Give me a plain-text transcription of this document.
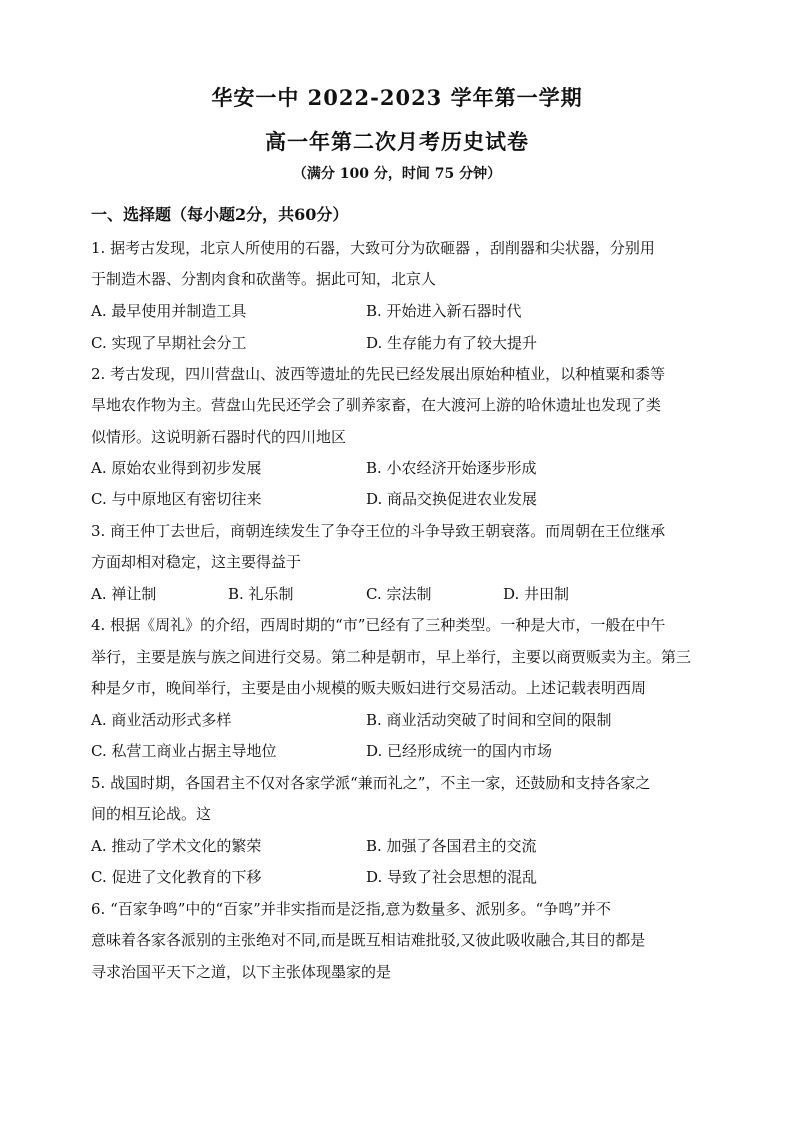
华安一中 2022-2023 学年第一学期
高一年第二次月考历史试卷
（满分 100 分，时间 75 分钟）
一、选择题（每小题2分，共60分）
1. 据考古发现，北京人所使用的石器，大致可分为砍砸器 ，刮削器和尖状器，分别用
于制造木器、分割肉食和砍凿等。据此可知，北京人
A. 最早使用并制造工具	B. 开始进入新石器时代
C. 实现了早期社会分工	D. 生存能力有了较大提升
2. 考古发现，四川营盘山、波西等遗址的先民已经发展出原始种植业，以种植粟和黍等
旱地农作物为主。营盘山先民还学会了驯养家畜，在大渡河上游的哈休遗址也发现了类
似情形。这说明新石器时代的四川地区
A. 原始农业得到初步发展	B. 小农经济开始逐步形成
C. 与中原地区有密切往来	D. 商品交换促进农业发展
3. 商王仲丁去世后，商朝连续发生了争夺王位的斗争导致王朝衰落。而周朝在王位继承
方面却相对稳定，这主要得益于
A. 禅让制	B. 礼乐制	C. 宗法制	D. 井田制
4. 根据《周礼》的介绍，西周时期的“市”已经有了三种类型。一种是大市，一般在中午
举行，主要是族与族之间进行交易。第二种是朝市，早上举行，主要以商贾贩卖为主。第三
种是夕市，晚间举行，主要是由小规模的贩夫贩妇进行交易活动。上述记载表明西周
A. 商业活动形式多样	B. 商业活动突破了时间和空间的限制
C. 私营工商业占据主导地位	D. 已经形成统一的国内市场
5. 战国时期，各国君主不仅对各家学派“兼而礼之”，不主一家，还鼓励和支持各家之
间的相互论战。这
A. 推动了学术文化的繁荣	B. 加强了各国君主的交流
C. 促进了文化教育的下移	D. 导致了社会思想的混乱
6. “百家争鸣”中的“百家”并非实指而是泛指,意为数量多、派别多。“争鸣”并不
意味着各家各派别的主张绝对不同,而是既互相诘难批驳,又彼此吸收融合,其目的都是
寻求治国平天下之道，以下主张体现墨家的是
